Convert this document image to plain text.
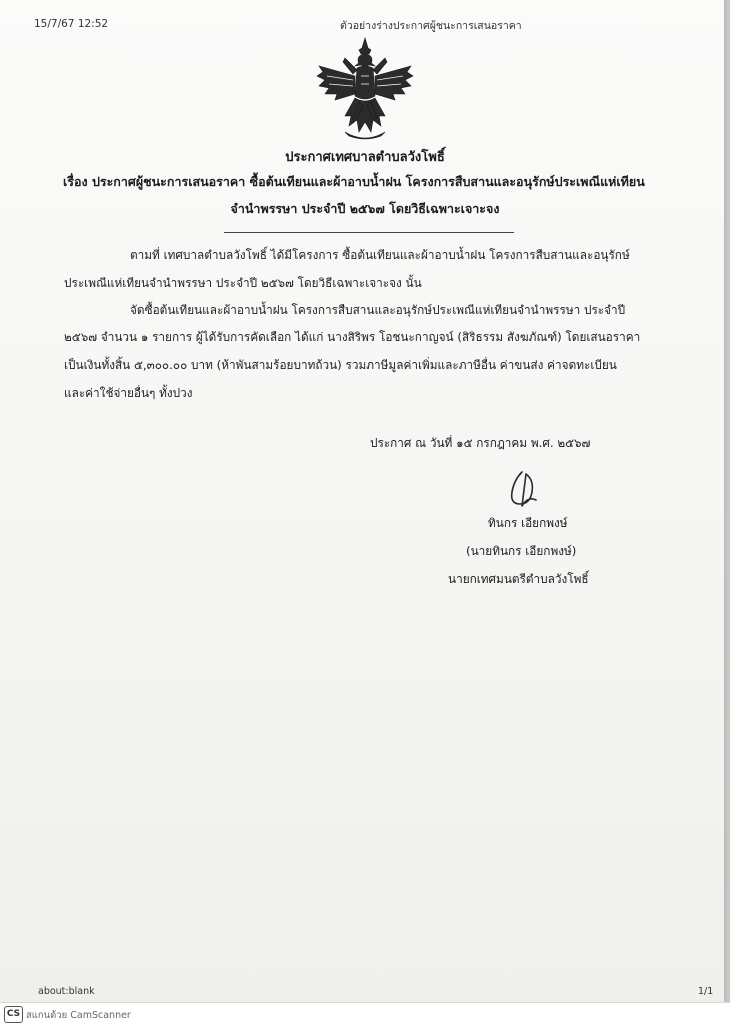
15/7/67 12:52	ตัวอย่างร่างประกาศผู้ชนะการเสนอราคา
ประกาศเทศบาลตำบลวังโพธิ์
เรื่อง ประกาศผู้ชนะการเสนอราคา ซื้อต้นเทียนและผ้าอาบน้ำฝน โครงการสืบสานและอนุรักษ์ประเพณีแห่เทียน
จำนำพรรษา ประจำปี ๒๕๖๗ โดยวิธีเฉพาะเจาะจง
ตามที่ เทศบาลตำบลวังโพธิ์ ได้มีโครงการ ซื้อต้นเทียนและผ้าอาบน้ำฝน โครงการสืบสานและอนุรักษ์
ประเพณีแห่เทียนจำนำพรรษา ประจำปี ๒๕๖๗ โดยวิธีเฉพาะเจาะจง นั้น
จัดซื้อต้นเทียนและผ้าอาบน้ำฝน โครงการสืบสานและอนุรักษ์ประเพณีแห่เทียนจำนำพรรษา ประจำปี
๒๕๖๗ จำนวน ๑ รายการ ผู้ได้รับการคัดเลือก ได้แก่ นางสิริพร โอชนะกาญจน์ (สิริธรรม สังฆภัณฑ์) โดยเสนอราคา
เป็นเงินทั้งสิ้น ๕,๓๐๐.๐๐ บาท (ห้าพันสามร้อยบาทถ้วน) รวมภาษีมูลค่าเพิ่มและภาษีอื่น ค่าขนส่ง ค่าจดทะเบียน
และค่าใช้จ่ายอื่นๆ ทั้งปวง
ประกาศ ณ วันที่ ๑๕ กรกฎาคม พ.ศ. ๒๕๖๗
ทินกร เอียกพงษ์
(นายทินกร เอียกพงษ์)
นายกเทศมนตรีตำบลวังโพธิ์
about:blank	1/1
CS สแกนด้วย CamScanner
